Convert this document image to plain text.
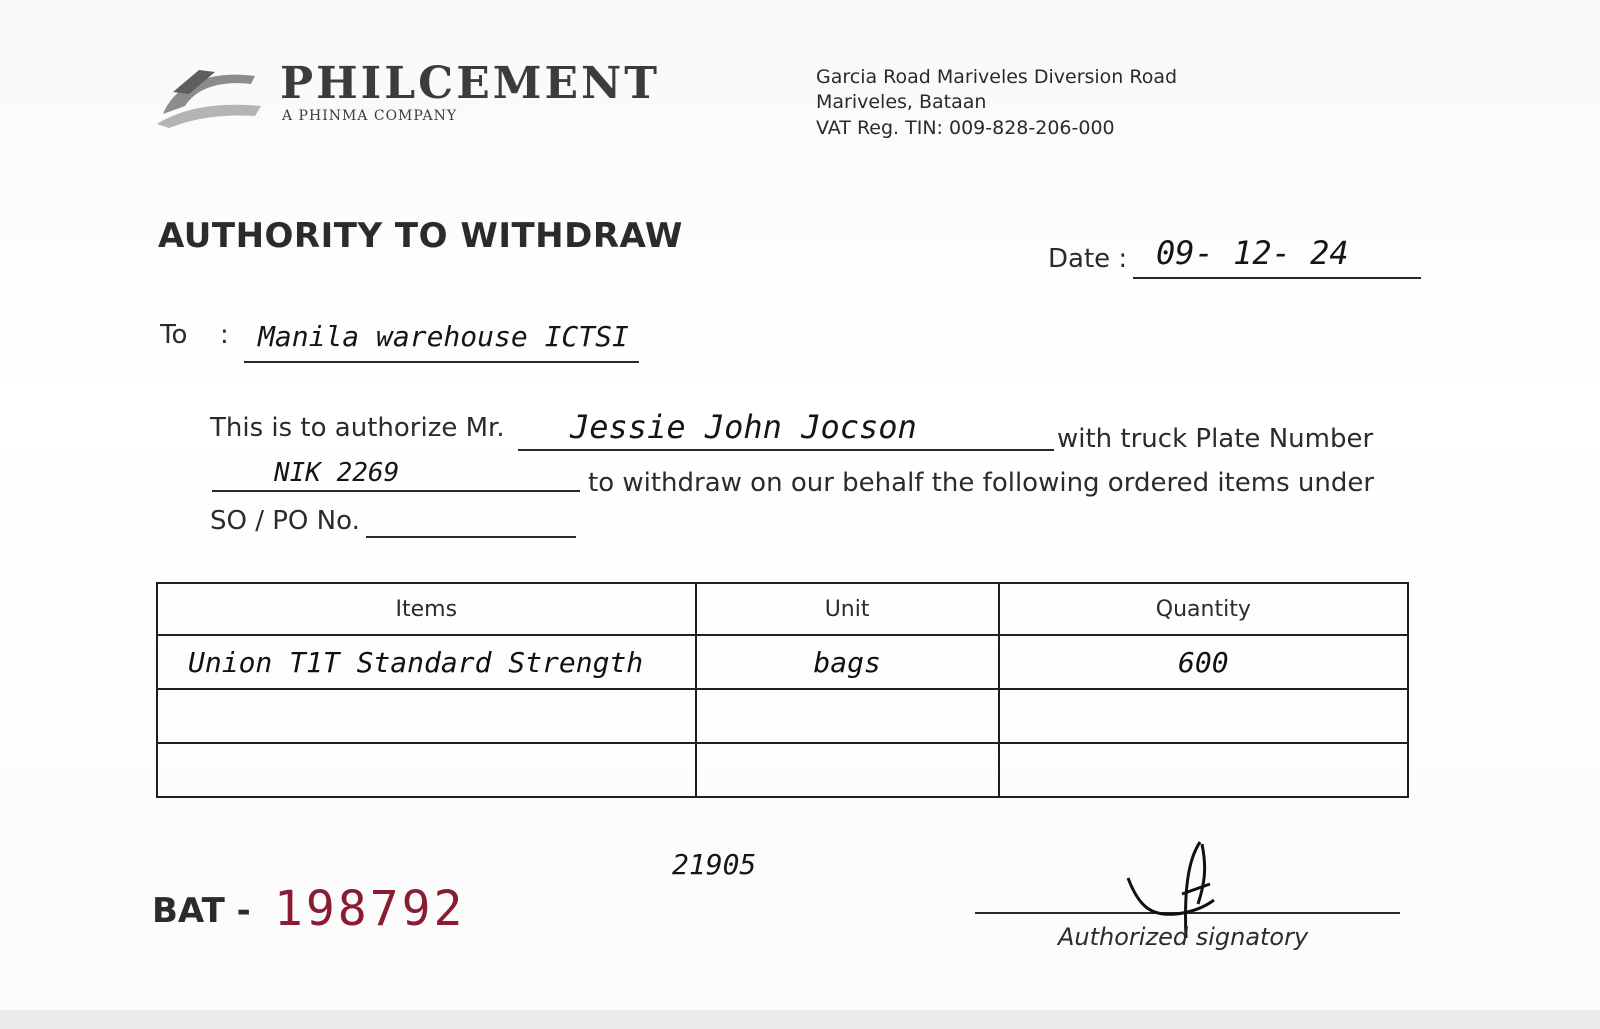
PHILCEMENT
A PHINMA COMPANY
Garcia Road Mariveles Diversion Road
Mariveles, Bataan
VAT Reg. TIN: 009-828-206-000
AUTHORITY TO WITHDRAW
Date : 09- 12- 24
To : Manila warehouse ICTSI
This is to authorize Mr. Jessie John Jocson	with truck Plate Number
NIK 2269	to withdraw on our behalf the following ordered items under
SO / PO No.
Items	Unit	Quantity
Union T1T Standard Strength	bags	600

21905
BAT - 198792	Authorized signatory
